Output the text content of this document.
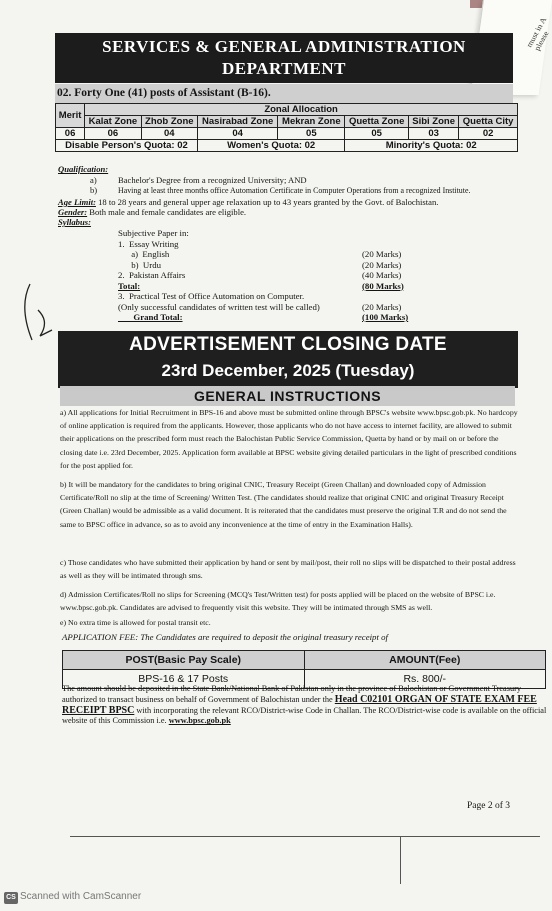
must in A
please
SERVICES & GENERAL ADMINISTRATION
DEPARTMENT
02. Forty One (41) posts of Assistant (B-16).
Merit	Zonal Allocation						
	Kalat Zone	Zhob Zone	Nasirabad Zone	Mekran Zone	Quetta Zone	Sibi Zone	Quetta City
06	06	04	04	05	05	03	02
Disable Person's Quota: 02			Women's Quota: 02		Minority's Quota: 02		
Qualification:
a) Bachelor's Degree from a recognized University; AND
b)	Having at least three months office Automation Certificate in Computer Operations from a recognized Institute.
Age Limit: 18 to 28 years and general upper age relaxation up to 43 years granted by the Govt. of Balochistan.
Gender: Both male and female candidates are eligible.
Syllabus:
Subjective Paper in:
1.  Essay Writing
a)  English	(20 Marks)
b)  Urdu	(20 Marks)
2.  Pakistan Affairs	(40 Marks)
Total:	(80 Marks)
3.  Practical Test of Office Automation on Computer.
(Only successful candidates of written test will be called)	(20 Marks)
Grand Total:	(100 Marks)
ADVERTISEMENT CLOSING DATE
23rd December, 2025 (Tuesday)
GENERAL INSTRUCTIONS
a) All applications for Initial Recruitment in BPS-16 and above must be submitted online through BPSC's website www.bpsc.gob.pk. No hardcopy of online application is required from the applicants. However, those applicants who do not have access to internet facility, are allowed to submit their applications on the prescribed form must reach the Balochistan Public Service Commission, Quetta by hand or by mail on or before the closing date i.e. 23rd December, 2025. Application form available at BPSC website giving detailed particulars in the light of prescribed conditions for the post applied for.
b) It will be mandatory for the candidates to bring original CNIC, Treasury Receipt (Green Challan) and downloaded copy of Admission Certificate/Roll no slip at the time of Screening/ Written Test. (The candidates should realize that original CNIC and original Treasury Receipt (Green Challan) would be admissible as a valid document. It is reiterated that the candidates must preserve the original T.R and do not send the same to BPSC office in advance, so as to avoid any inconvenience at the time of entry in the Examination Halls).
c) Those candidates who have submitted their application by hand or sent by mail/post, their roll no slips will be dispatched to their postal address as well as they will be intimated through sms.
d) Admission Certificates/Roll no slips for Screening (MCQ's Test/Written test) for posts applied will be placed on the website of BPSC i.e. www.bpsc.gob.pk. Candidates are advised to frequently visit this website. They will be intimated through SMS as well.
e) No extra time is allowed for postal transit etc.
APPLICATION FEE: The Candidates are required to deposit the original treasury receipt of
POST(Basic Pay Scale)	AMOUNT(Fee)
BPS-16 & 17 Posts	Rs. 800/-
The amount should be deposited in the State Bank/National Bank of Pakistan only in the province of Balochistan or Government Treasury authorized to transact business on behalf of Government of Balochistan under the Head C02101 ORGAN OF STATE EXAM FEE RECEIPT BPSC with incorporating the relevant RCO/District-wise Code in Challan. The RCO/District-wise code is available on the official website of this Commission i.e. www.bpsc.gob.pk
Page 2 of 3
CS Scanned with CamScanner
